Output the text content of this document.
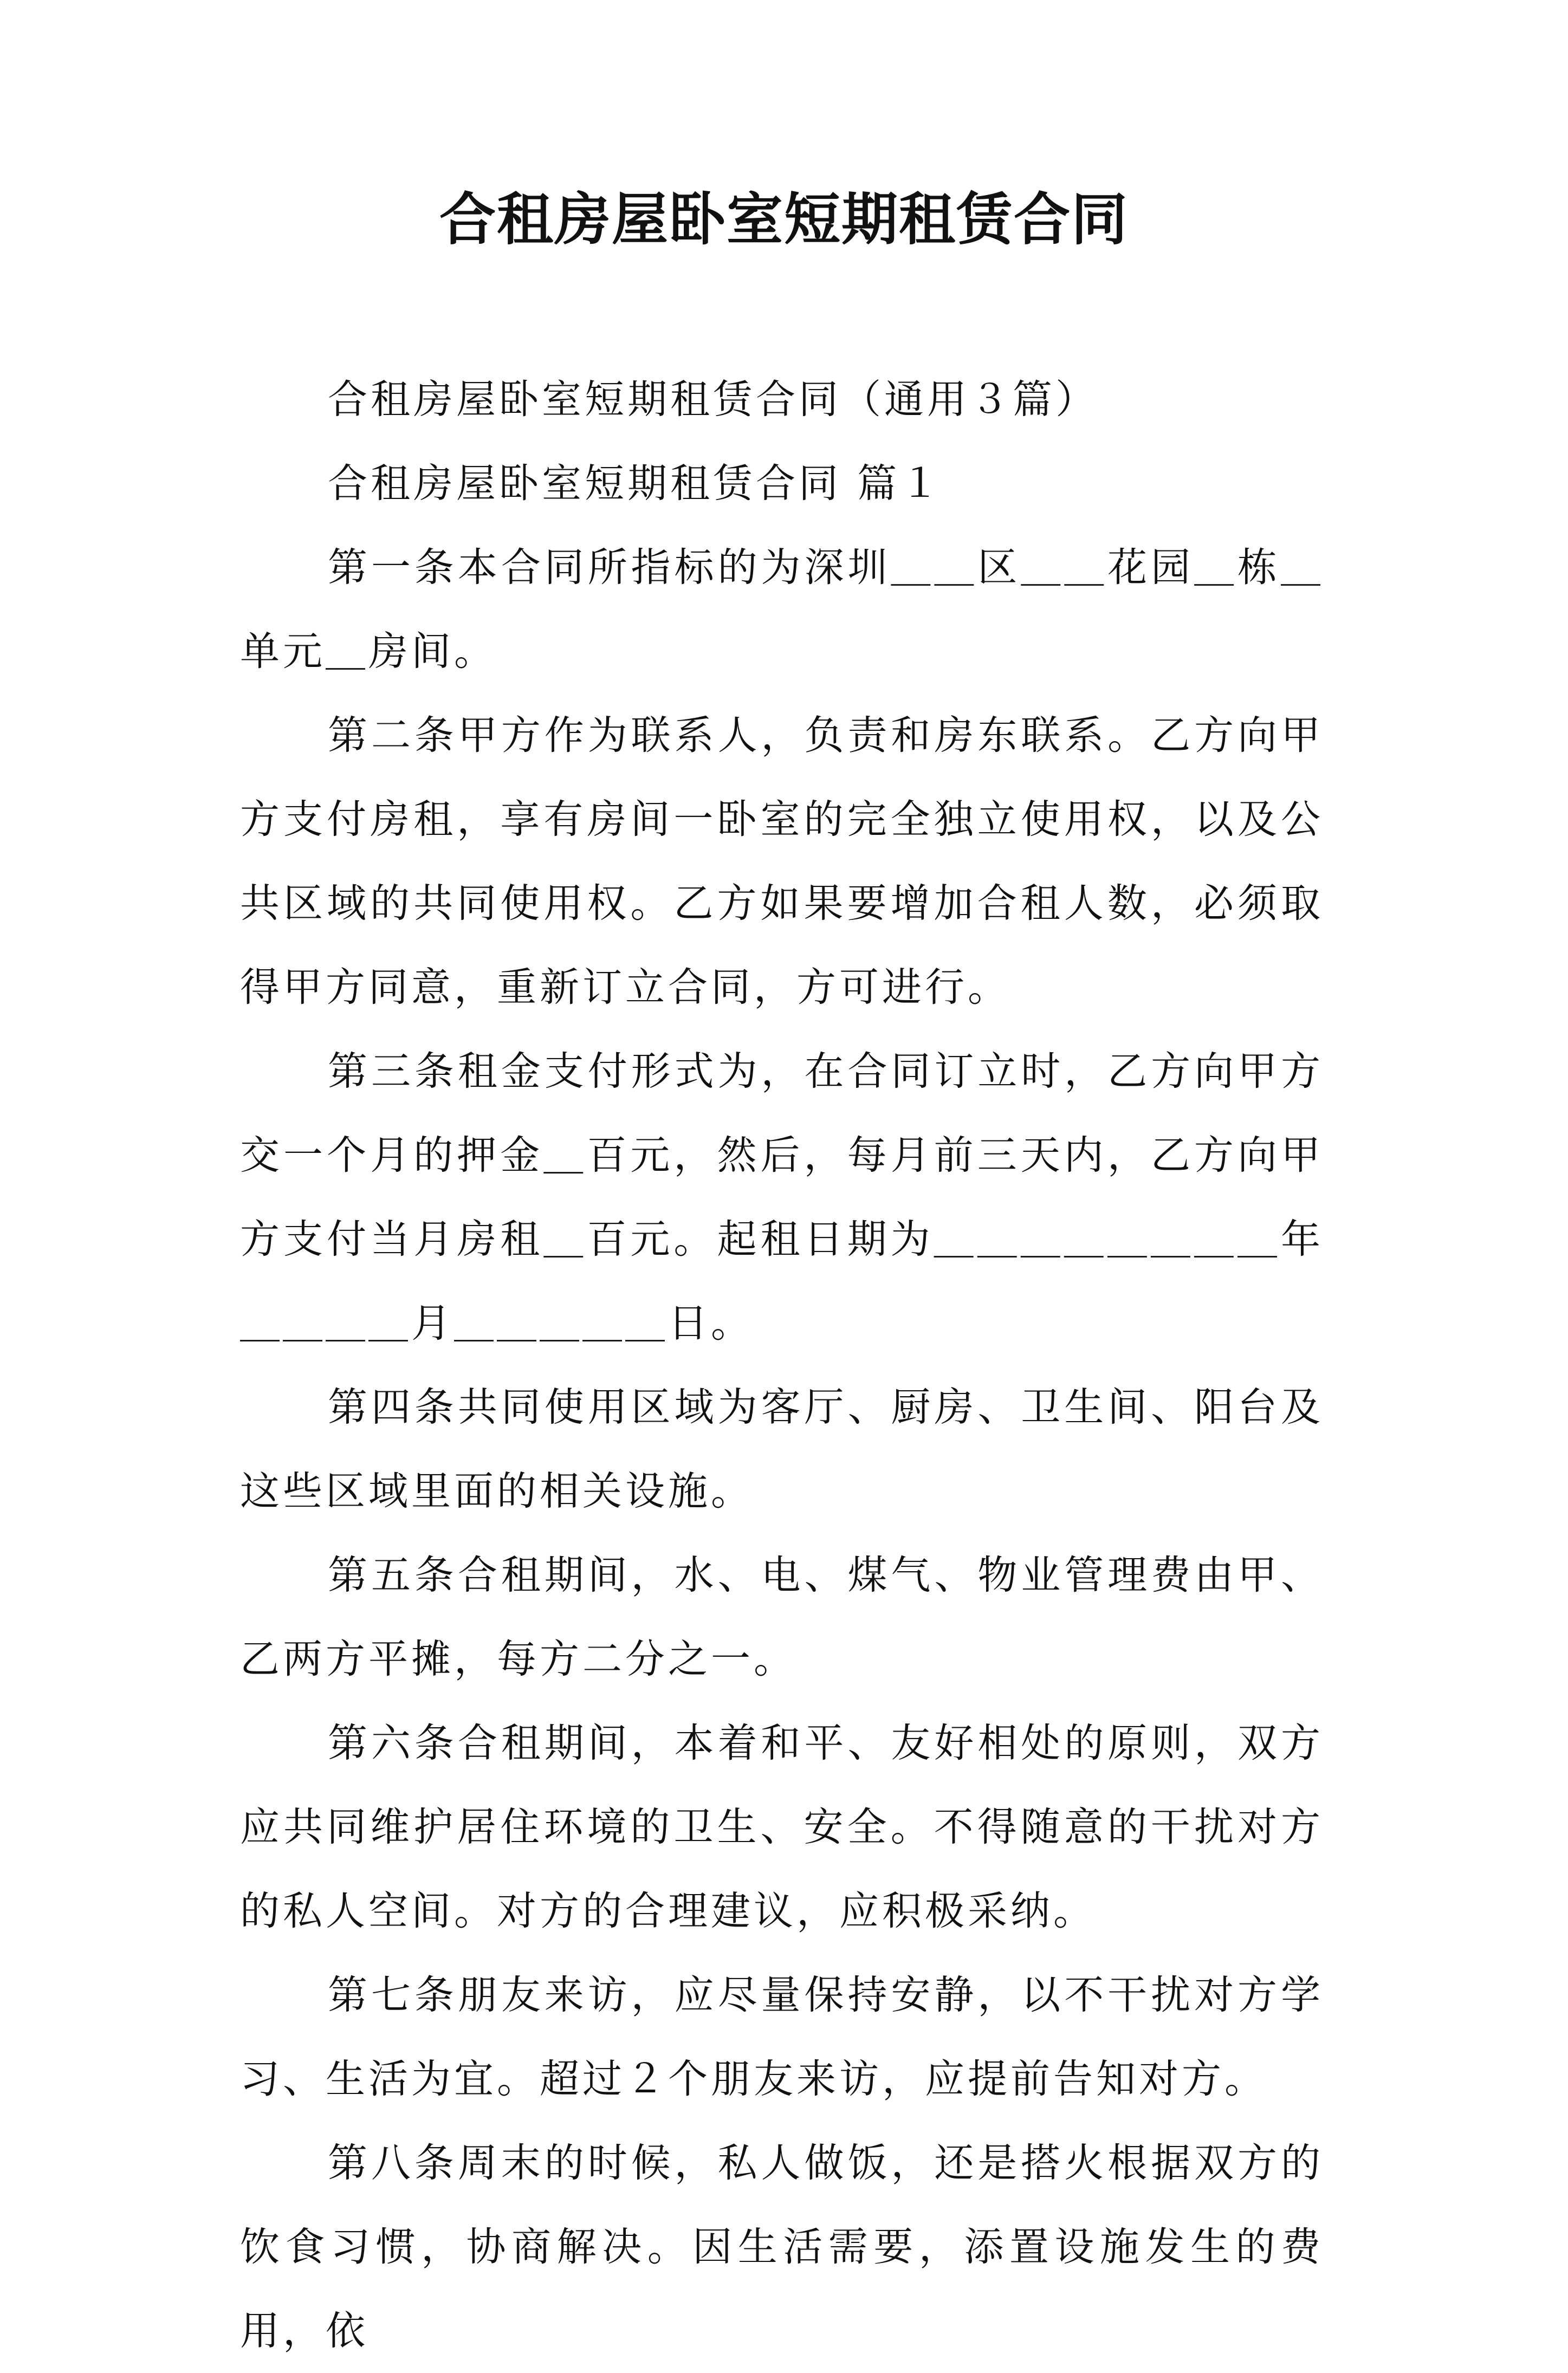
合租房屋卧室短期租赁合同

合租房屋卧室短期租赁合同（通用３篇）

合租房屋卧室短期租赁合同 篇１

第一条本合同所指标的为深圳＿＿区＿＿花园＿栋＿单元＿房间。

第二条甲方作为联系人，负责和房东联系。乙方向甲方支付房租，享有房间一卧室的完全独立使用权，以及公共区域的共同使用权。乙方如果要增加合租人数，必须取得甲方同意，重新订立合同，方可进行。

第三条租金支付形式为，在合同订立时，乙方向甲方交一个月的押金＿百元，然后，每月前三天内，乙方向甲方支付当月房租＿百元。起租日期为＿＿＿＿＿＿＿＿年＿＿＿＿月＿＿＿＿＿日。

第四条共同使用区域为客厅、厨房、卫生间、阳台及这些区域里面的相关设施。

第五条合租期间，水、电、煤气、物业管理费由甲、乙两方平摊，每方二分之一。

第六条合租期间，本着和平、友好相处的原则，双方应共同维护居住环境的卫生、安全。不得随意的干扰对方的私人空间。对方的合理建议，应积极采纳。

第七条朋友来访，应尽量保持安静，以不干扰对方学习、生活为宜。超过２个朋友来访，应提前告知对方。

第八条周末的时候，私人做饭，还是搭火根据双方的饮食习惯，协商解决。因生活需要，添置设施发生的费用，依
